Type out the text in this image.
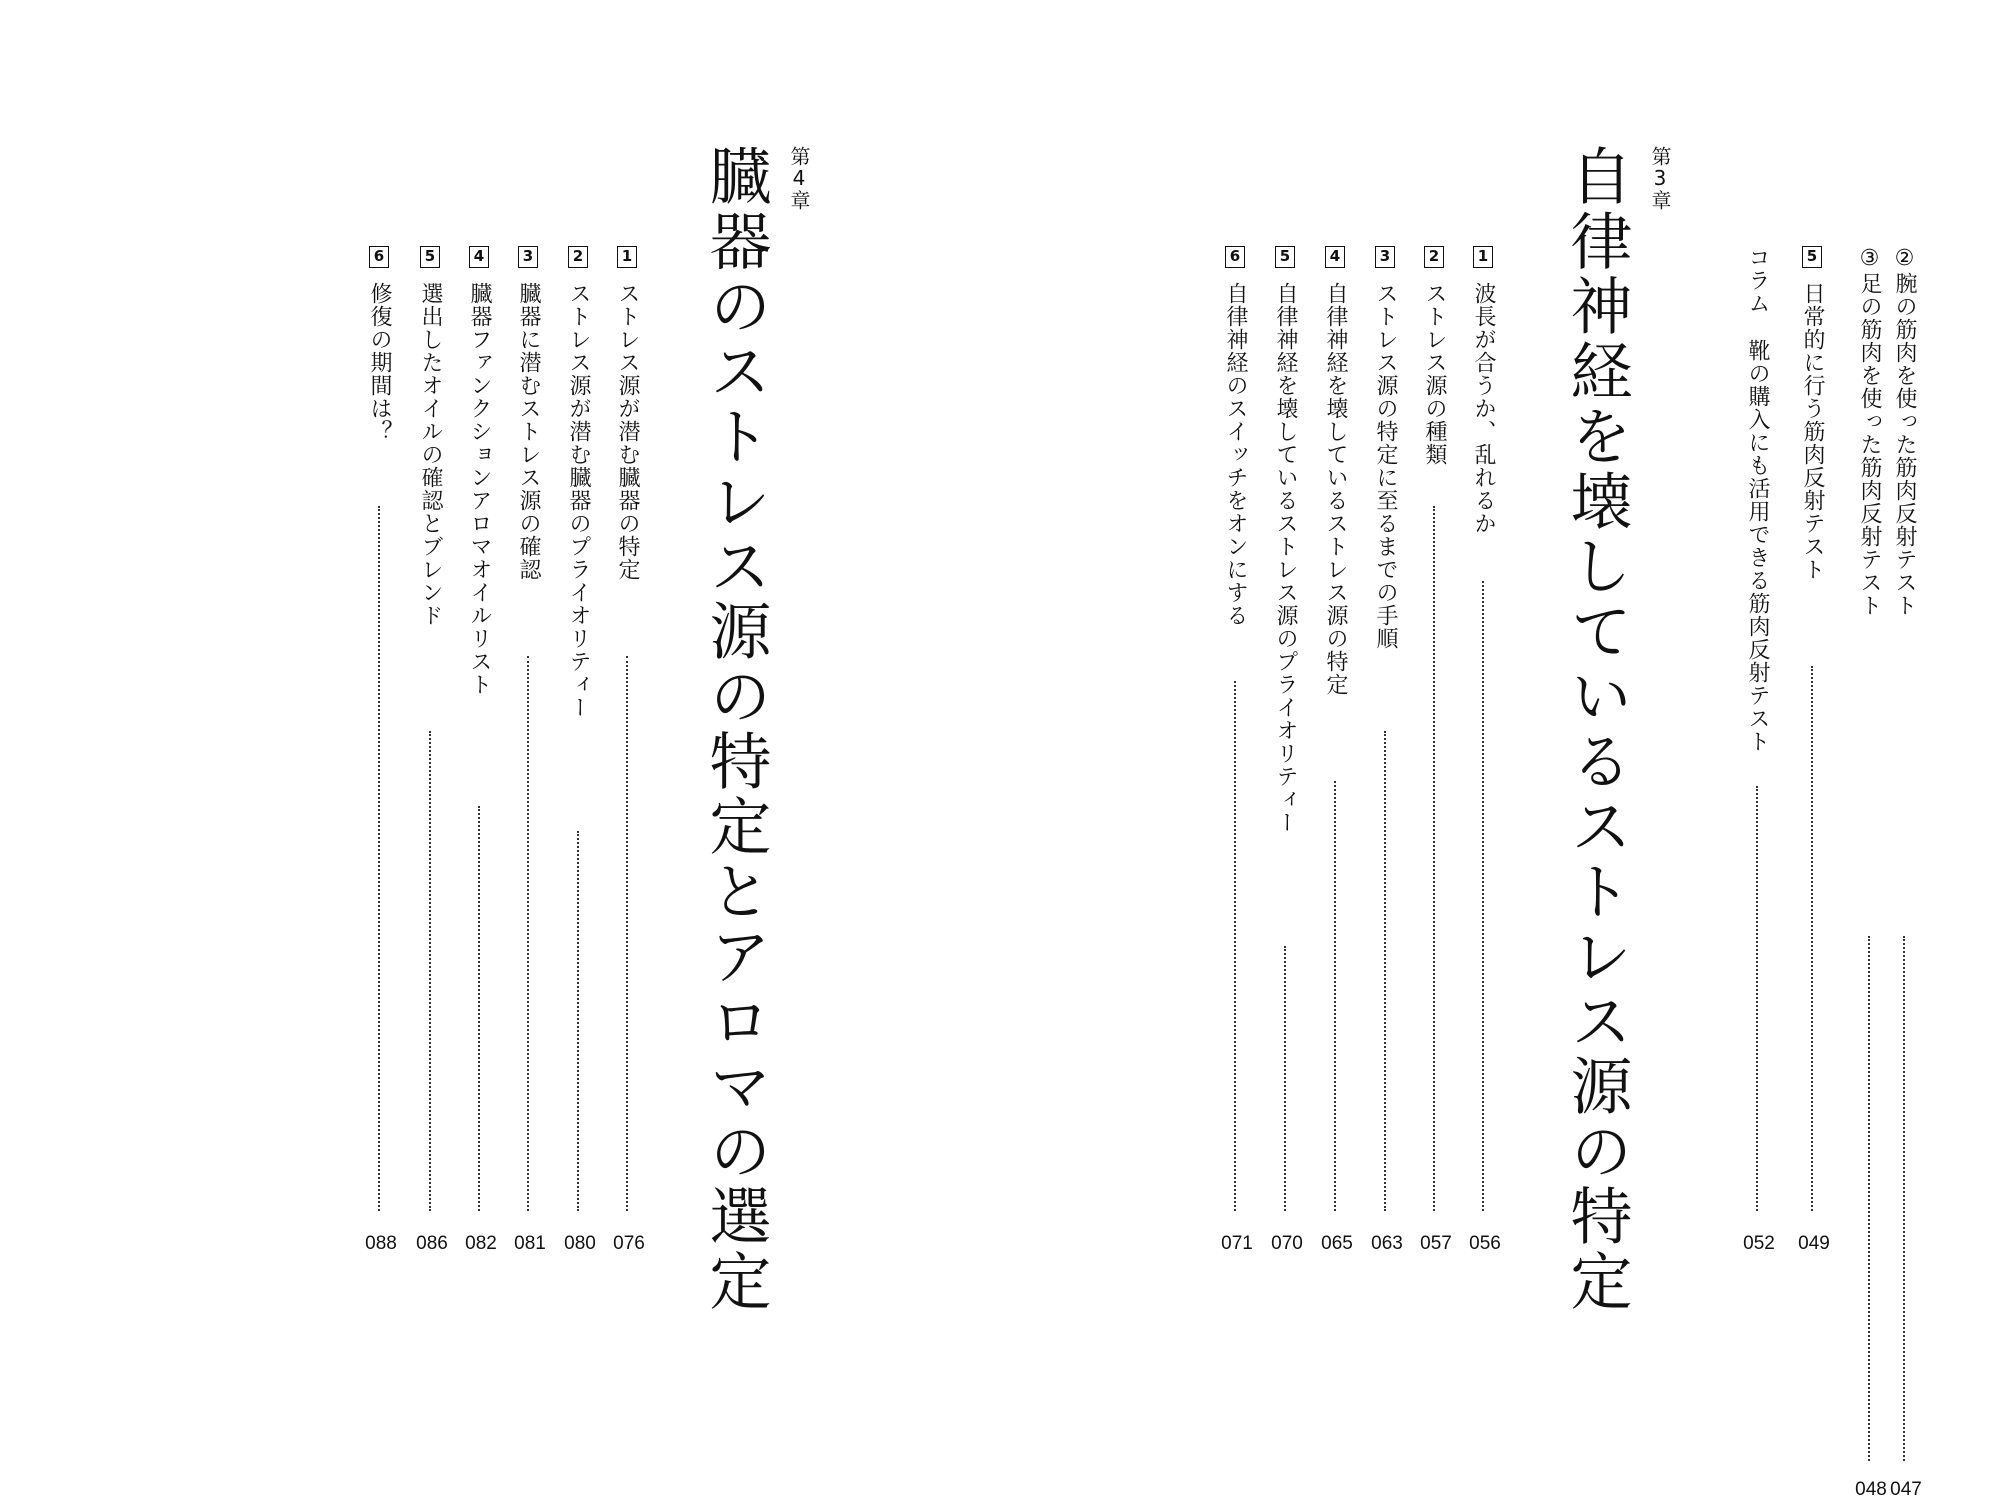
②腕の筋肉を使った筋肉反射テスト
047
③足の筋肉を使った筋肉反射テスト
048
5
日常的に行う筋肉反射テスト
049
コラム
靴の購入にも活用できる筋肉反射テスト
052
第3章
自律神経を壊しているストレス源の特定
1
波長が合うか、乱れるか
056
2
ストレス源の種類
057
3
ストレス源の特定に至るまでの手順
063
4
自律神経を壊しているストレス源の特定
065
5
自律神経を壊しているストレス源のプライオリティー
070
6
自律神経のスイッチをオンにする
071
第4章
臓器のストレス源の特定とアロマの選定
1
ストレス源が潜む臓器の特定
076
2
ストレス源が潜む臓器のプライオリティー
080
3
臓器に潜むストレス源の確認
081
4
臓器ファンクションアロマオイルリスト
082
5
選出したオイルの確認とブレンド
086
6
修復の期間は？
088
